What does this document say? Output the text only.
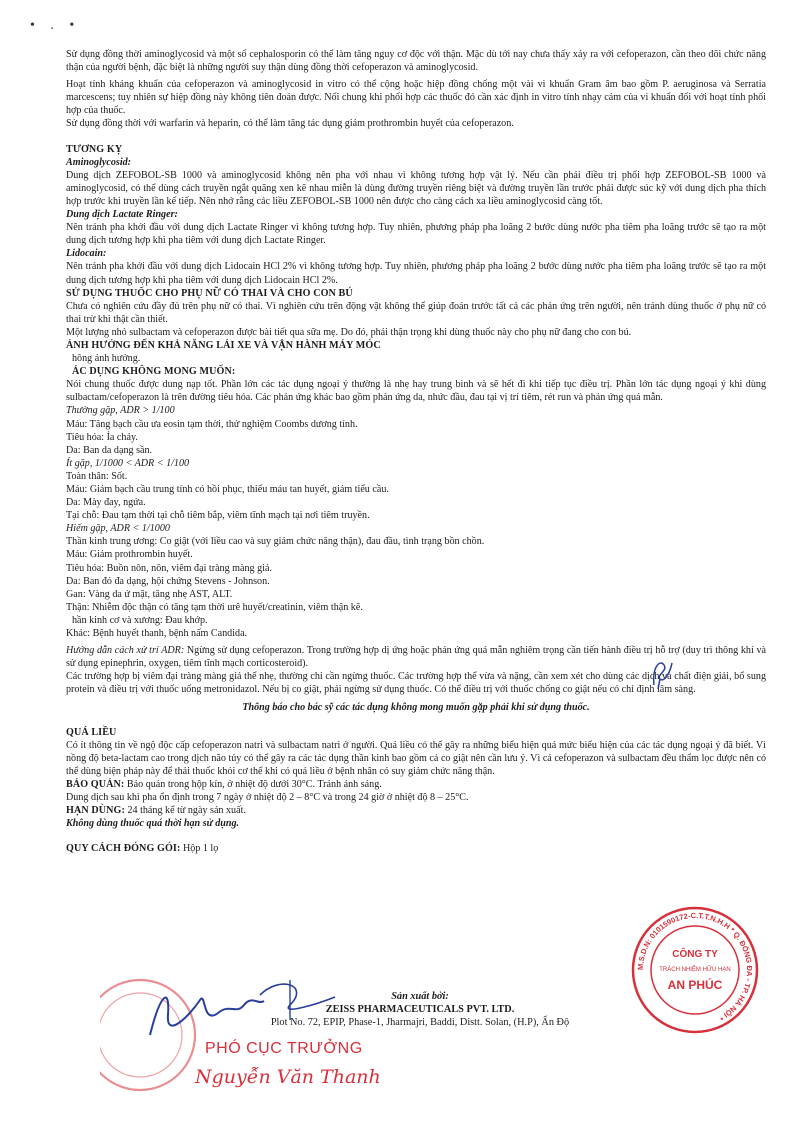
• . •

Sử dụng đồng thời aminoglycosid và một số cephalosporin có thể làm tăng nguy cơ độc với thận. Mặc dù tới nay chưa thấy xảy ra với cefoperazon, cần theo dõi chức năng thận của người bệnh, đặc biệt là những người suy thận dùng đồng thời cefoperazon và aminoglycosid.

Hoạt tính kháng khuẩn của cefoperazon và aminoglycosid in vitro có thể cộng hoặc hiệp đồng chống một vài vi khuẩn Gram âm bao gồm P. aeruginosa và Serratia marcescens; tuy nhiên sự hiệp đồng này không tiên đoán được. Nối chung khi phối hợp các thuốc đó cần xác định in vitro tính nhạy cảm của vi khuẩn đối với hoạt tính phối hợp của thuốc.

Sử dụng đồng thời với warfarin và heparin, có thể làm tăng tác dụng giảm prothrombin huyết của cefoperazon.

TƯƠNG KỴ

Aminoglycosid:

Dung dịch ZEFOBOL-SB 1000 và aminoglycosid không nên pha với nhau vì không tương hợp vật lý. Nếu cần phải điều trị phối hợp ZEFOBOL-SB 1000 và aminoglycosid, có thể dùng cách truyền ngắt quãng xen kẽ nhau miễn là dùng đường truyền riêng biệt và đường truyền lần trước phải được súc kỹ với dung dịch pha thích hợp trước khi truyền lần kế tiếp. Nên nhớ rằng các liều ZEFOBOL-SB 1000 nên được cho càng cách xa liều aminoglycosid càng tốt.

Dung dịch Lactate Ringer:

Nên tránh pha khởi đầu với dung dịch Lactate Ringer vì không tương hợp. Tuy nhiên, phương pháp pha loãng 2 bước dùng nước pha tiêm pha loãng trước sẽ tạo ra một dung dịch tương hợp khi pha tiêm với dung dịch Lactate Ringer.

Lidocain:

Nên tránh pha khởi đầu với dung dịch Lidocain HCl 2% vì không tương hợp. Tuy nhiên, phương pháp pha loãng 2 bước dùng nước pha tiêm pha loãng trước sẽ tạo ra một dung dịch tương hợp khi pha tiêm với dung dịch Lidocain HCl 2%.

SỬ DỤNG THUỐC CHO PHỤ NỮ CÓ THAI VÀ CHO CON BÚ

Chưa có nghiên cứu đầy đủ trên phụ nữ có thai. Vì nghiên cứu trên động vật không thể giúp đoán trước tất cả các phản ứng trên người, nên tránh dùng thuốc ở phụ nữ có thai trừ khi thật cần thiết.

Một lượng nhỏ sulbactam và cefoperazon được bài tiết qua sữa mẹ. Do đó, phải thận trọng khi dùng thuốc này cho phụ nữ đang cho con bú.

ẢNH HƯỞNG ĐẾN KHẢ NĂNG LÁI XE VÀ VẬN HÀNH MÁY MÓC

hông ảnh hưởng.

ÁC DỤNG KHÔNG MONG MUỐN:

Nói chung thuốc được dung nạp tốt. Phần lớn các tác dụng ngoại ý thường là nhẹ hay trung bình và sẽ hết đi khi tiếp tục điều trị. Phần lớn tác dụng ngoại ý khi dùng sulbactam/cefoperazon là trên đường tiêu hóa. Các phản ứng khác bao gồm phản ứng da, nhức đầu, đau tại vị trí tiêm, rét run và phản ứng quá mẫn.

Thường gặp, ADR > 1/100

Máu: Tăng bạch cầu ưa eosin tạm thời, thử nghiệm Coombs dương tính.

Tiêu hóa: Ỉa chảy.

Da: Ban da dạng sần.

Ít gặp, 1/1000 < ADR < 1/100

Toàn thân: Sốt.

Máu: Giảm bạch cầu trung tính có hồi phục, thiếu máu tan huyết, giảm tiểu cầu.

Da: Mày đay, ngứa.

Tại chỗ: Đau tạm thời tại chỗ tiêm bắp, viêm tĩnh mạch tại nơi tiêm truyền.

Hiếm gặp, ADR < 1/1000

Thần kinh trung ương: Co giật (với liều cao và suy giảm chức năng thận), đau đầu, tình trạng bồn chồn.

Máu: Giảm prothrombin huyết.

Tiêu hóa: Buồn nôn, nôn, viêm đại tràng màng giả.

Da: Ban đỏ đa dạng, hội chứng Stevens - Johnson.

Gan: Vàng da ứ mật, tăng nhẹ AST, ALT.

Thận: Nhiễm độc thận có tăng tạm thời urê huyết/creatinin, viêm thận kẽ.

hần kinh cơ và xương: Đau khớp.

Khác: Bệnh huyết thanh, bệnh nấm Candida.

Hướng dẫn cách xử trí ADR: Ngừng sử dụng cefoperazon. Trong trường hợp dị ứng hoặc phản ứng quá mẫn nghiêm trọng cần tiến hành điều trị hỗ trợ (duy trì thông khí và sử dụng epinephrin, oxygen, tiêm tĩnh mạch corticosteroid).

Các trường hợp bị viêm đại tràng màng giả thể nhẹ, thường chỉ cần ngừng thuốc. Các trường hợp thể vừa và nặng, cần xem xét cho dùng các dịch và chất điện giải, bổ sung protein và điều trị với thuốc uống metronidazol. Nếu bị co giật, phải ngừng sử dụng thuốc. Có thể điều trị với thuốc chống co giật nếu có chỉ định lâm sàng.

Thông báo cho bác sỹ các tác dụng không mong muốn gặp phải khi sử dụng thuốc.

QUÁ LIỀU

Có ít thông tin về ngộ độc cấp cefoperazon natri và sulbactam natri ở người. Quá liều có thể gây ra những biểu hiện quá mức biểu hiện của các tác dụng ngoại ý đã biết. Vì nồng độ beta-lactam cao trong dịch não tủy có thể gây ra các tác dụng thần kinh bao gồm cả co giật nên cần lưu ý. Vì cả cefoperazon và sulbactam đều thẩm lọc được nên có thể dùng biện pháp này để thải thuốc khỏi cơ thể khi có quá liều ở bệnh nhân có suy giảm chức năng thận.

BẢO QUẢN: Bảo quản trong hộp kín, ở nhiệt độ dưới 30°C. Tránh ánh sáng.

Dung dịch sau khi pha ổn định trong 7 ngày ở nhiệt độ 2 – 8°C và trong 24 giờ ở nhiệt độ 8 – 25°C.

HẠN DÙNG: 24 tháng kể từ ngày sản xuất.

Không dùng thuốc quá thời hạn sử dụng.

QUY CÁCH ĐÓNG GÓI: Hộp 1 lọ

Sản xuất bởi:
ZEISS PHARMACEUTICALS PVT. LTD.
Plot No. 72, EPIP, Phase-1, Jharmajri, Baddi, Distt. Solan, (H.P), Ấn Độ
PHÓ CỤC TRƯỞNG
Nguyễn Văn Thanh
M.S.D.N: 0101590172-C.T.T.N.H.H * Q. ĐỐNG ĐA - TP. HÀ NỘI *
CÔNG TY
TRÁCH NHIỆM HỮU HẠN
AN PHÚC
